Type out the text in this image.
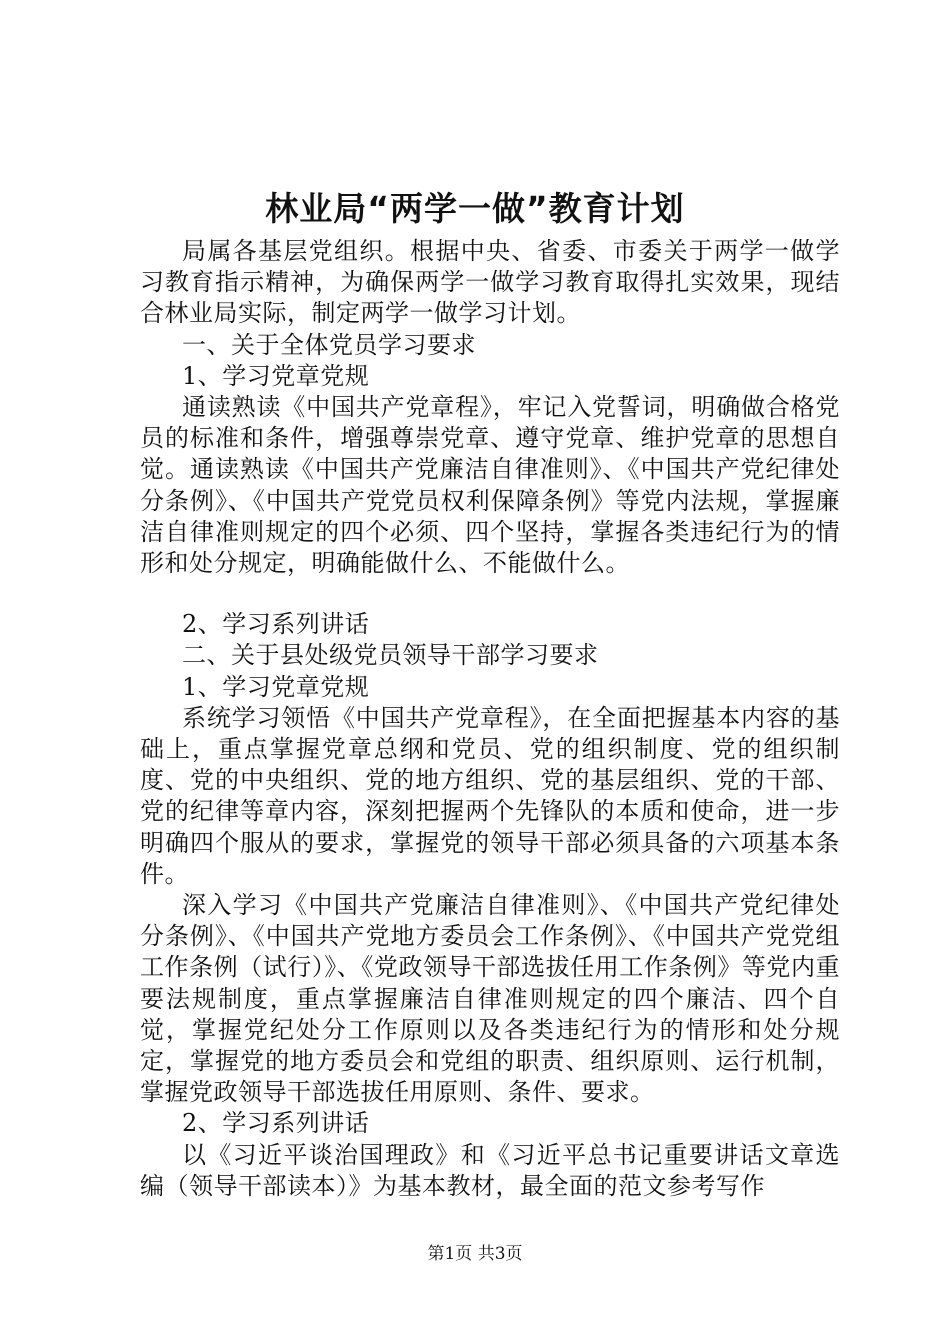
林业局“两学一做”教育计划

局属各基层党组织。根据中央、省委、市委关于两学一做学习教育指示精神，为确保两学一做学习教育取得扎实效果，现结合林业局实际，制定两学一做学习计划。

一、关于全体党员学习要求

1、学习党章党规

通读熟读《中国共产党章程》，牢记入党誓词，明确做合格党员的标准和条件，增强尊崇党章、遵守党章、维护党章的思想自觉。通读熟读《中国共产党廉洁自律准则》、《中国共产党纪律处分条例》、《中国共产党党员权利保障条例》等党内法规，掌握廉洁自律准则规定的四个必须、四个坚持，掌握各类违纪行为的情形和处分规定，明确能做什么、不能做什么。

2、学习系列讲话

二、关于县处级党员领导干部学习要求

1、学习党章党规

系统学习领悟《中国共产党章程》，在全面把握基本内容的基础上，重点掌握党章总纲和党员、党的组织制度、党的组织制度、党的中央组织、党的地方组织、党的基层组织、党的干部、党的纪律等章内容，深刻把握两个先锋队的本质和使命，进一步明确四个服从的要求，掌握党的领导干部必须具备的六项基本条件。

深入学习《中国共产党廉洁自律准则》、《中国共产党纪律处分条例》、《中国共产党地方委员会工作条例》、《中国共产党党组工作条例（试行）》、《党政领导干部选拔任用工作条例》等党内重要法规制度，重点掌握廉洁自律准则规定的四个廉洁、四个自觉，掌握党纪处分工作原则以及各类违纪行为的情形和处分规定，掌握党的地方委员会和党组的职责、组织原则、运行机制，掌握党政领导干部选拔任用原则、条件、要求。

2、学习系列讲话

以《习近平谈治国理政》和《习近平总书记重要讲话文章选编（领导干部读本）》为基本教材，最全面的范文参考写作

第1页 共3页
